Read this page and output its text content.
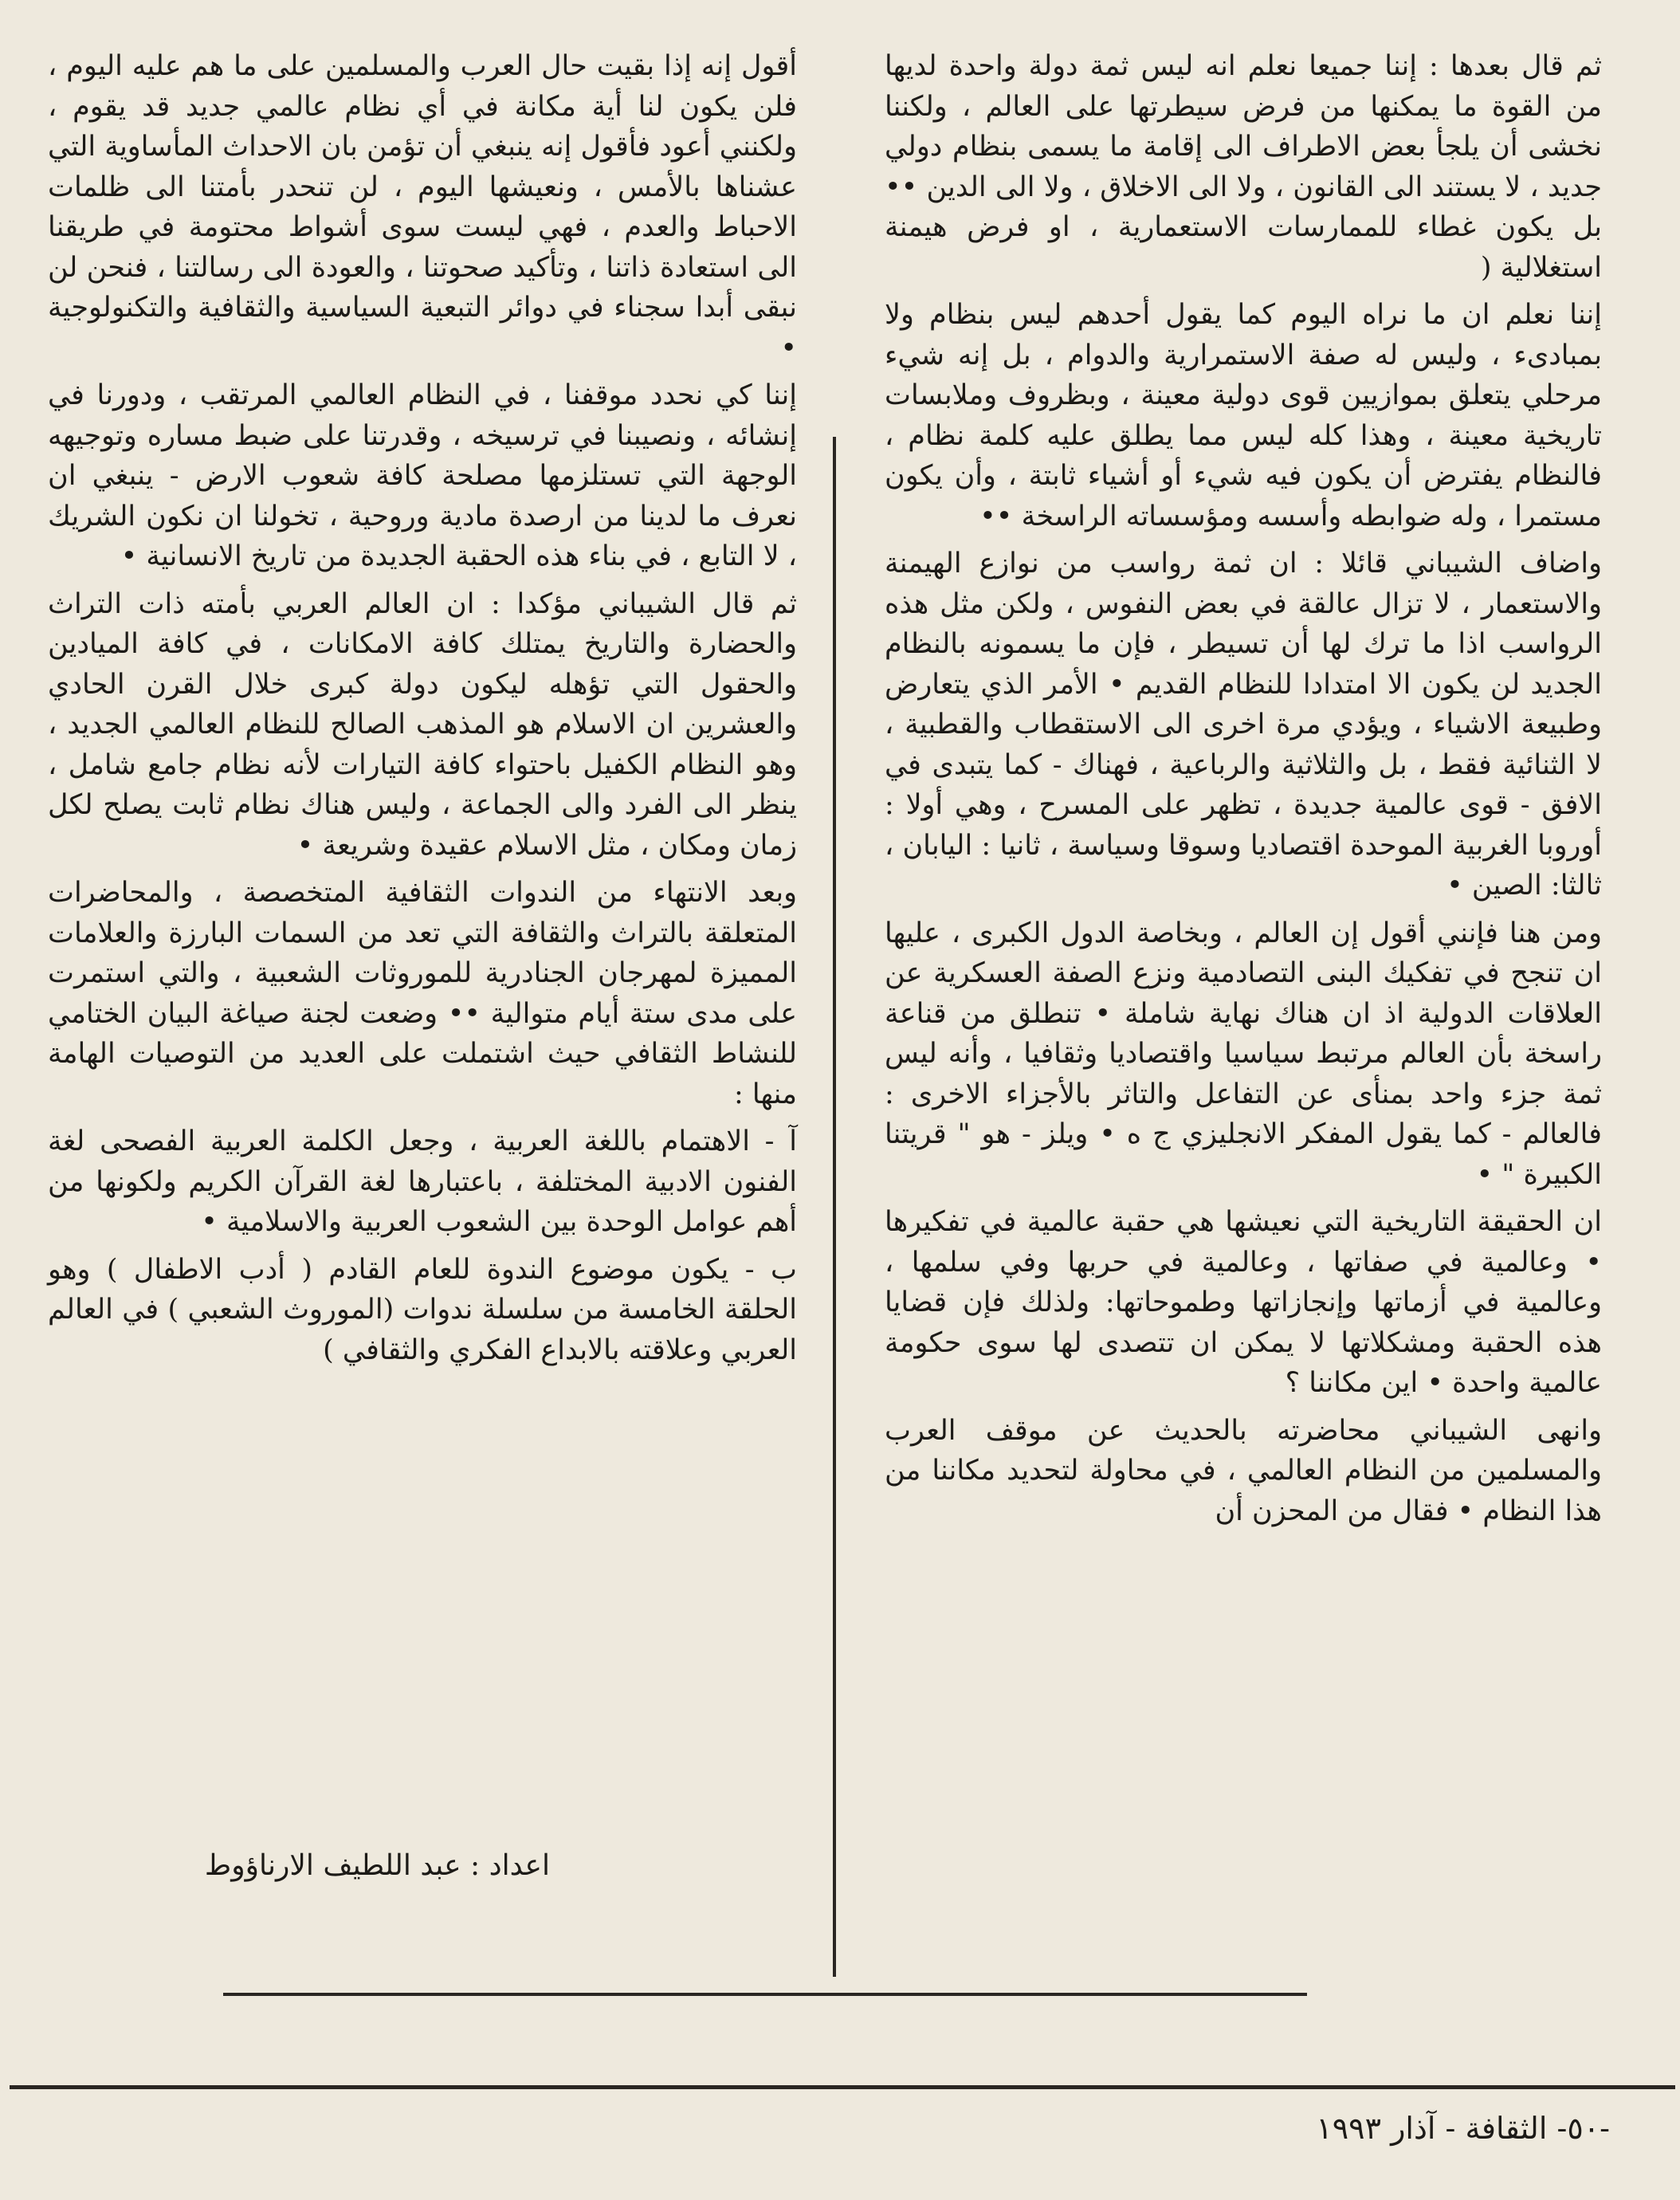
ثم قال بعدها : إننا جميعا نعلم انه ليس ثمة دولة واحدة لديها من القوة ما يمكنها من فرض سيطرتها على العالم ، ولكننا نخشى أن يلجأ بعض الاطراف الى إقامة ما يسمى بنظام دولي جديد ، لا يستند الى القانون ، ولا الى الاخلاق ، ولا الى الدين •• بل يكون غطاء للممارسات الاستعمارية ، او فرض هيمنة استغلالية (

إننا نعلم ان ما نراه اليوم كما يقول أحدهم ليس بنظام ولا بمبادىء ، وليس له صفة الاستمرارية والدوام ، بل إنه شيء مرحلي يتعلق بموازيين قوى دولية معينة ، وبظروف وملابسات تاريخية معينة ، وهذا كله ليس مما يطلق عليه كلمة نظام ، فالنظام يفترض أن يكون فيه شيء أو أشياء ثابتة ، وأن يكون مستمرا ، وله ضوابطه وأسسه ومؤسساته الراسخة ••

واضاف الشيباني قائلا : ان ثمة رواسب من نوازع الهيمنة والاستعمار ، لا تزال عالقة في بعض النفوس ، ولكن مثل هذه الرواسب اذا ما ترك لها أن تسيطر ، فإن ما يسمونه بالنظام الجديد لن يكون الا امتدادا للنظام القديم • الأمر الذي يتعارض وطبيعة الاشياء ، ويؤدي مرة اخرى الى الاستقطاب والقطبية ، لا الثنائية فقط ، بل والثلاثية والرباعية ، فهناك - كما يتبدى في الافق - قوى عالمية جديدة ، تظهر على المسرح ، وهي أولا : أوروبا الغربية الموحدة اقتصاديا وسوقا وسياسة ، ثانيا : اليابان ، ثالثا: الصين •

ومن هنا فإنني أقول إن العالم ، وبخاصة الدول الكبرى ، عليها ان تنجح في تفكيك البنى التصادمية ونزع الصفة العسكرية عن العلاقات الدولية اذ ان هناك نهاية شاملة • تنطلق من قناعة راسخة بأن العالم مرتبط سياسيا واقتصاديا وثقافيا ، وأنه ليس ثمة جزء واحد بمنأى عن التفاعل والتاثر بالأجزاء الاخرى : فالعالم - كما يقول المفكر الانجليزي ج ه • ويلز - هو " قريتنا الكبيرة " •

ان الحقيقة التاريخية التي نعيشها هي حقبة عالمية في تفكيرها • وعالمية في صفاتها ، وعالمية في حربها وفي سلمها ، وعالمية في أزماتها وإنجازاتها وطموحاتها: ولذلك فإن قضايا هذه الحقبة ومشكلاتها لا يمكن ان تتصدى لها سوى حكومة عالمية واحدة • اين مكاننا ؟

وانهى الشيباني محاضرته بالحديث عن موقف العرب والمسلمين من النظام العالمي ، في محاولة لتحديد مكاننا من هذا النظام • فقال من المحزن أن

أقول إنه إذا بقيت حال العرب والمسلمين على ما هم عليه اليوم ، فلن يكون لنا أية مكانة في أي نظام عالمي جديد قد يقوم ، ولكنني أعود فأقول إنه ينبغي أن تؤمن بان الاحداث المأساوية التي عشناها بالأمس ، ونعيشها اليوم ، لن تنحدر بأمتنا الى ظلمات الاحباط والعدم ، فهي ليست سوى أشواط محتومة في طريقنا الى استعادة ذاتنا ، وتأكيد صحوتنا ، والعودة الى رسالتنا ، فنحن لن نبقى أبدا سجناء في دوائر التبعية السياسية والثقافية والتكنولوجية •

إننا كي نحدد موقفنا ، في النظام العالمي المرتقب ، ودورنا في إنشائه ، ونصيبنا في ترسيخه ، وقدرتنا على ضبط مساره وتوجيهه الوجهة التي تستلزمها مصلحة كافة شعوب الارض - ينبغي ان نعرف ما لدينا من ارصدة مادية وروحية ، تخولنا ان نكون الشريك ، لا التابع ، في بناء هذه الحقبة الجديدة من تاريخ الانسانية •

ثم قال الشيباني مؤكدا : ان العالم العربي بأمته ذات التراث والحضارة والتاريخ يمتلك كافة الامكانات ، في كافة الميادين والحقول التي تؤهله ليكون دولة كبرى خلال القرن الحادي والعشرين ان الاسلام هو المذهب الصالح للنظام العالمي الجديد ، وهو النظام الكفيل باحتواء كافة التيارات لأنه نظام جامع شامل ، ينظر الى الفرد والى الجماعة ، وليس هناك نظام ثابت يصلح لكل زمان ومكان ، مثل الاسلام عقيدة وشريعة •

وبعد الانتهاء من الندوات الثقافية المتخصصة ، والمحاضرات المتعلقة بالتراث والثقافة التي تعد من السمات البارزة والعلامات المميزة لمهرجان الجنادرية للموروثات الشعبية ، والتي استمرت على مدى ستة أيام متوالية •• وضعت لجنة صياغة البيان الختامي للنشاط الثقافي حيث اشتملت على العديد من التوصيات الهامة منها :

آ - الاهتمام باللغة العربية ، وجعل الكلمة العربية الفصحى لغة الفنون الادبية المختلفة ، باعتبارها لغة القرآن الكريم ولكونها من أهم عوامل الوحدة بين الشعوب العربية والاسلامية •

ب - يكون موضوع الندوة للعام القادم ( أدب الاطفال ) وهو الحلقة الخامسة من سلسلة ندوات (الموروث الشعبي ) في العالم العربي وعلاقته بالابداع الفكري والثقافي )

اعداد : عبد اللطيف الارناؤوط
-٥٠- الثقافة - آذار ١٩٩٣
